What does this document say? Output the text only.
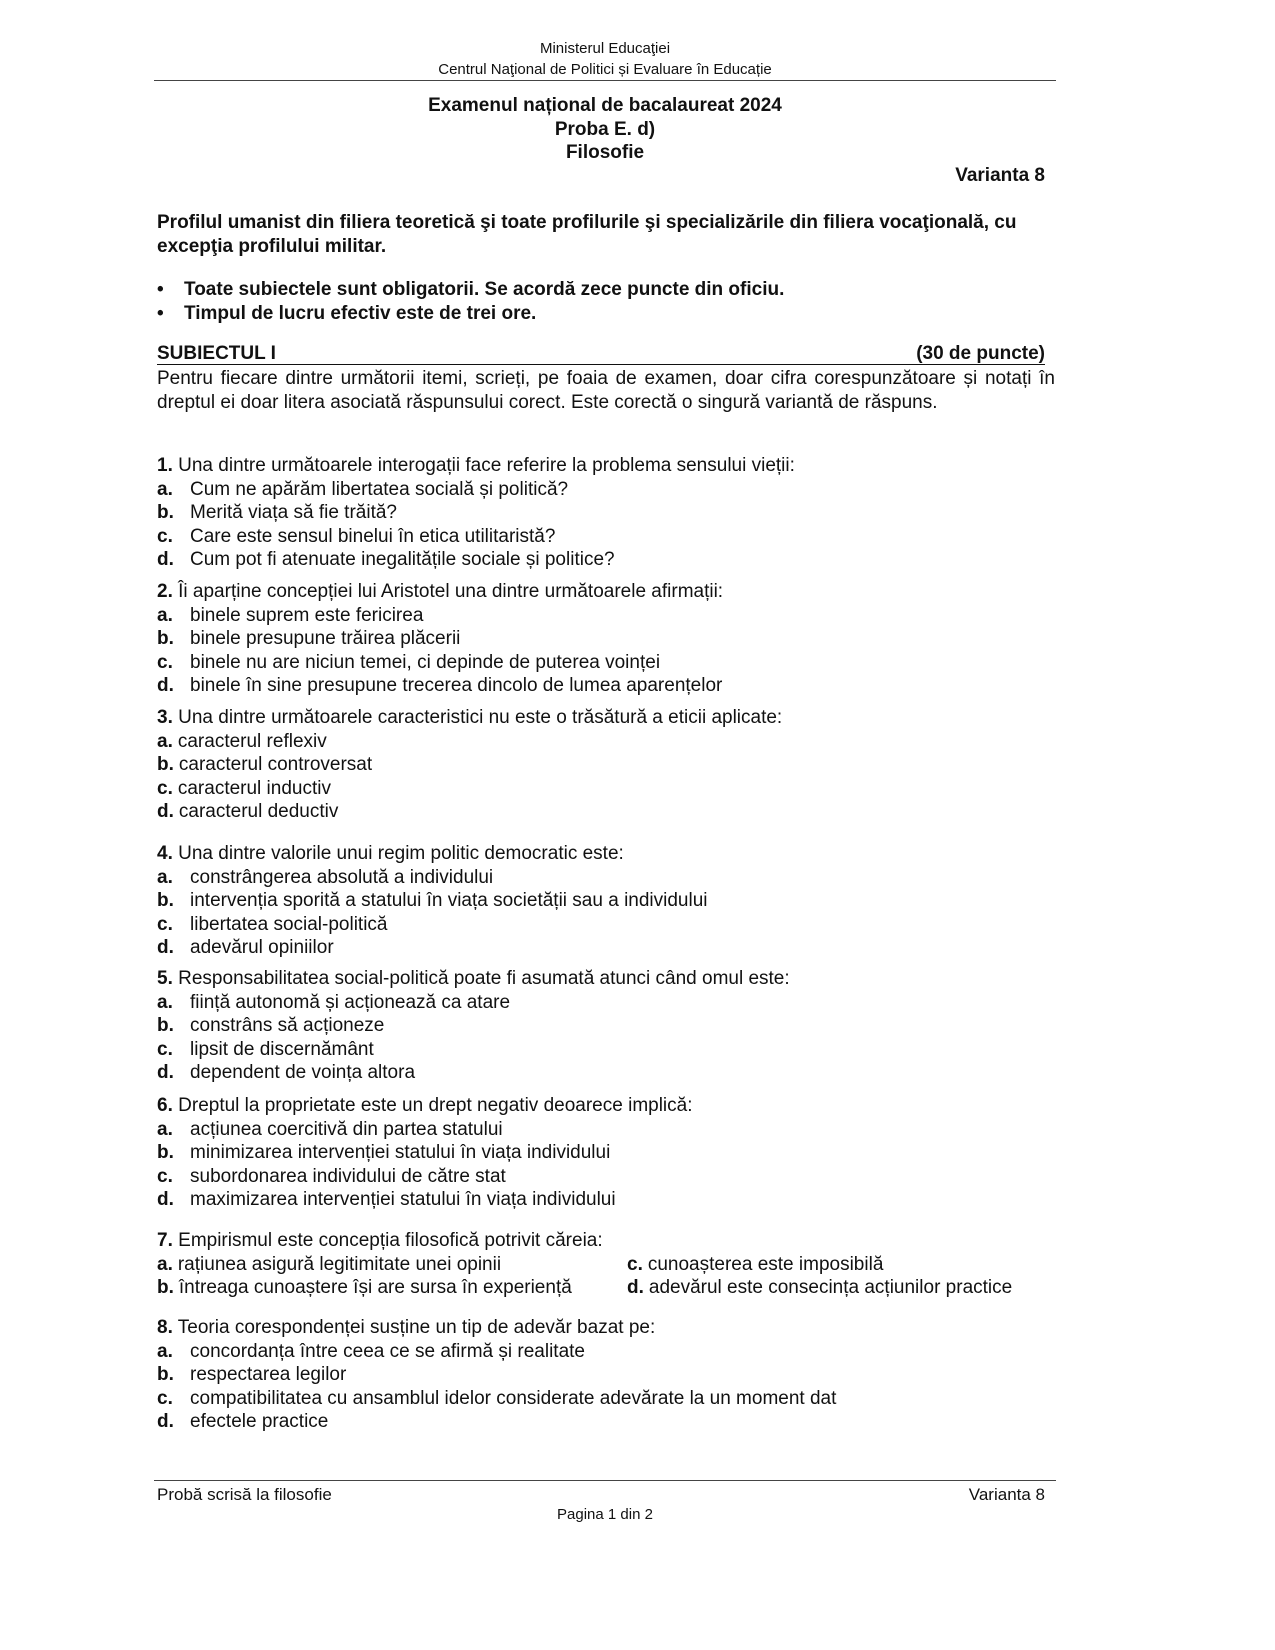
Ministerul Educaţiei
Centrul Naţional de Politici și Evaluare în Educație
Examenul național de bacalaureat 2024
Proba E. d)
Filosofie
Varianta 8
Profilul umanist din filiera teoretică şi toate profilurile şi specializările din filiera vocaţională, cu excepţia profilului militar.
•	Toate subiectele sunt obligatorii. Se acordă zece puncte din oficiu.
•	Timpul de lucru efectiv este de trei ore.
SUBIECTUL I	(30 de puncte)
Pentru fiecare dintre următorii itemi, scrieți, pe foaia de examen, doar cifra corespunzătoare și notați în dreptul ei doar litera asociată răspunsului corect. Este corectă o singură variantă de răspuns.
1. Una dintre următoarele interogații face referire la problema sensului vieții:
a. Cum ne apărăm libertatea socială și politică?
b. Merită viața să fie trăită?
c. Care este sensul binelui în etica utilitaristă?
d. Cum pot fi atenuate inegalitățile sociale și politice?
2. Îi aparține concepției lui Aristotel una dintre următoarele afirmații:
a. binele suprem este fericirea
b. binele presupune trăirea plăcerii
c. binele nu are niciun temei, ci depinde de puterea voinței
d. binele în sine presupune trecerea dincolo de lumea aparențelor
3. Una dintre următoarele caracteristici nu este o trăsătură a eticii aplicate:
a. caracterul reflexiv
b. caracterul controversat
c. caracterul inductiv
d. caracterul deductiv
4. Una dintre valorile unui regim politic democratic este:
a. constrângerea absolută a individului
b. intervenția sporită a statului în viața societății sau a individului
c. libertatea social-politică
d. adevărul opiniilor
5. Responsabilitatea social-politică poate fi asumată atunci când omul este:
a. ființă autonomă și acționează ca atare
b. constrâns să acționeze
c. lipsit de discernământ
d. dependent de voința altora
6. Dreptul la proprietate este un drept negativ deoarece implică:
a. acțiunea coercitivă din partea statului
b. minimizarea intervenției statului în viața individului
c. subordonarea individului de către stat
d. maximizarea intervenției statului în viața individului
7. Empirismul este concepția filosofică potrivit căreia:
a. rațiunea asigură legitimitate unei opinii	c. cunoașterea este imposibilă
b. întreaga cunoaștere își are sursa în experiență	d. adevărul este consecința acțiunilor practice
8. Teoria corespondenței susține un tip de adevăr bazat pe:
a. concordanța între ceea ce se afirmă și realitate
b. respectarea legilor
c. compatibilitatea cu ansamblul idelor considerate adevărate la un moment dat
d. efectele practice
Probă scrisă la filosofie	Varianta 8
Pagina 1 din 2
